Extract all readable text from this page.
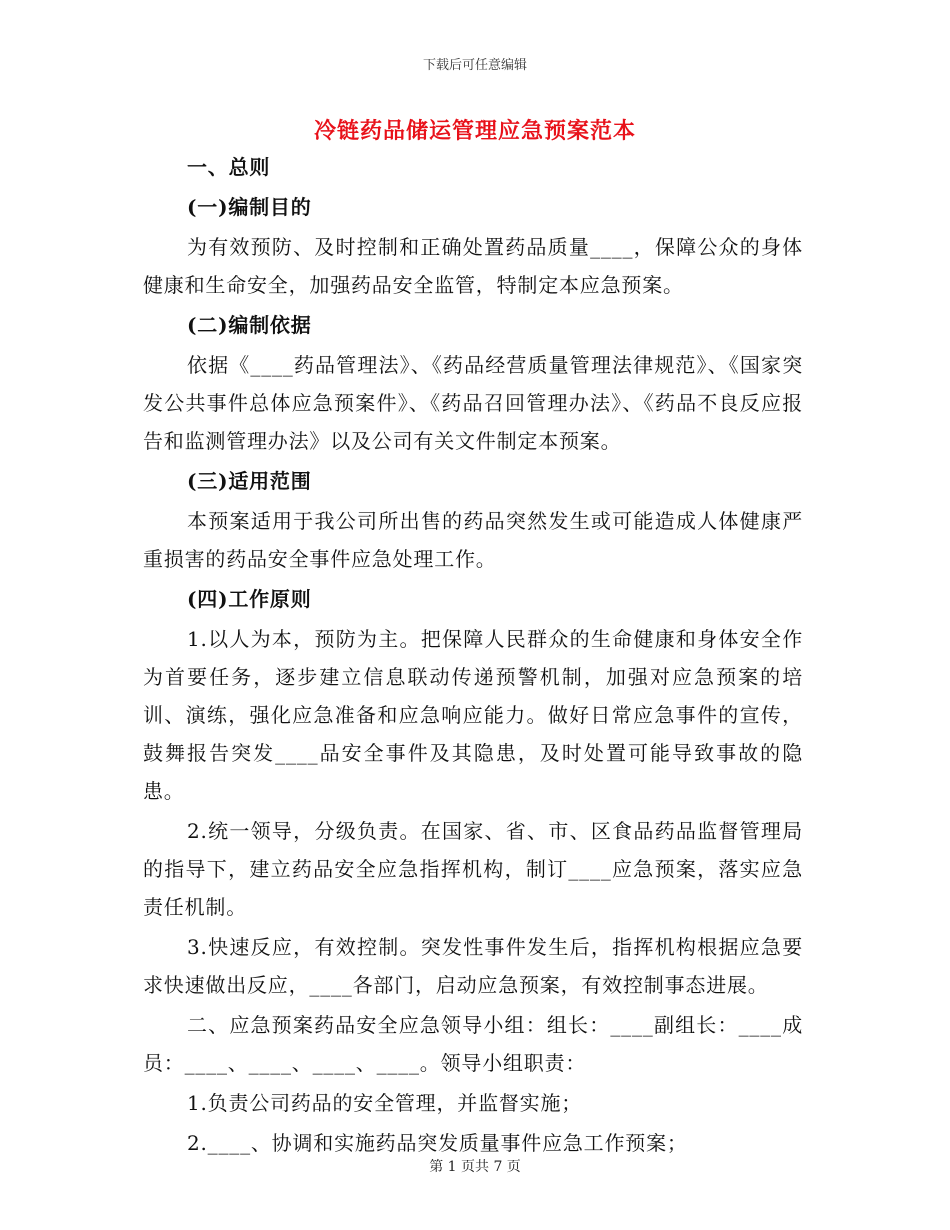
下载后可任意编辑
冷链药品储运管理应急预案范本
一、总则
(一)编制目的
为有效预防、及时控制和正确处置药品质量____，保障公众的身体健康和生命安全，加强药品安全监管，特制定本应急预案。
(二)编制依据
依据《____药品管理法》、《药品经营质量管理法律规范》、《国家突发公共事件总体应急预案件》、《药品召回管理办法》、《药品不良反应报告和监测管理办法》以及公司有关文件制定本预案。
(三)适用范围
本预案适用于我公司所出售的药品突然发生或可能造成人体健康严重损害的药品安全事件应急处理工作。
(四)工作原则
1.以人为本，预防为主。把保障人民群众的生命健康和身体安全作为首要任务，逐步建立信息联动传递预警机制，加强对应急预案的培训、演练，强化应急准备和应急响应能力。做好日常应急事件的宣传，鼓舞报告突发____品安全事件及其隐患，及时处置可能导致事故的隐患。
2.统一领导，分级负责。在国家、省、市、区食品药品监督管理局的指导下，建立药品安全应急指挥机构，制订____应急预案，落实应急责任机制。
3.快速反应，有效控制。突发性事件发生后，指挥机构根据应急要求快速做出反应，____各部门，启动应急预案，有效控制事态进展。
二、应急预案药品安全应急领导小组：组长：____副组长：____成员：____、____、____、____。领导小组职责：
1.负责公司药品的安全管理，并监督实施；
2.____、协调和实施药品突发质量事件应急工作预案；
第 1 页共 7 页
